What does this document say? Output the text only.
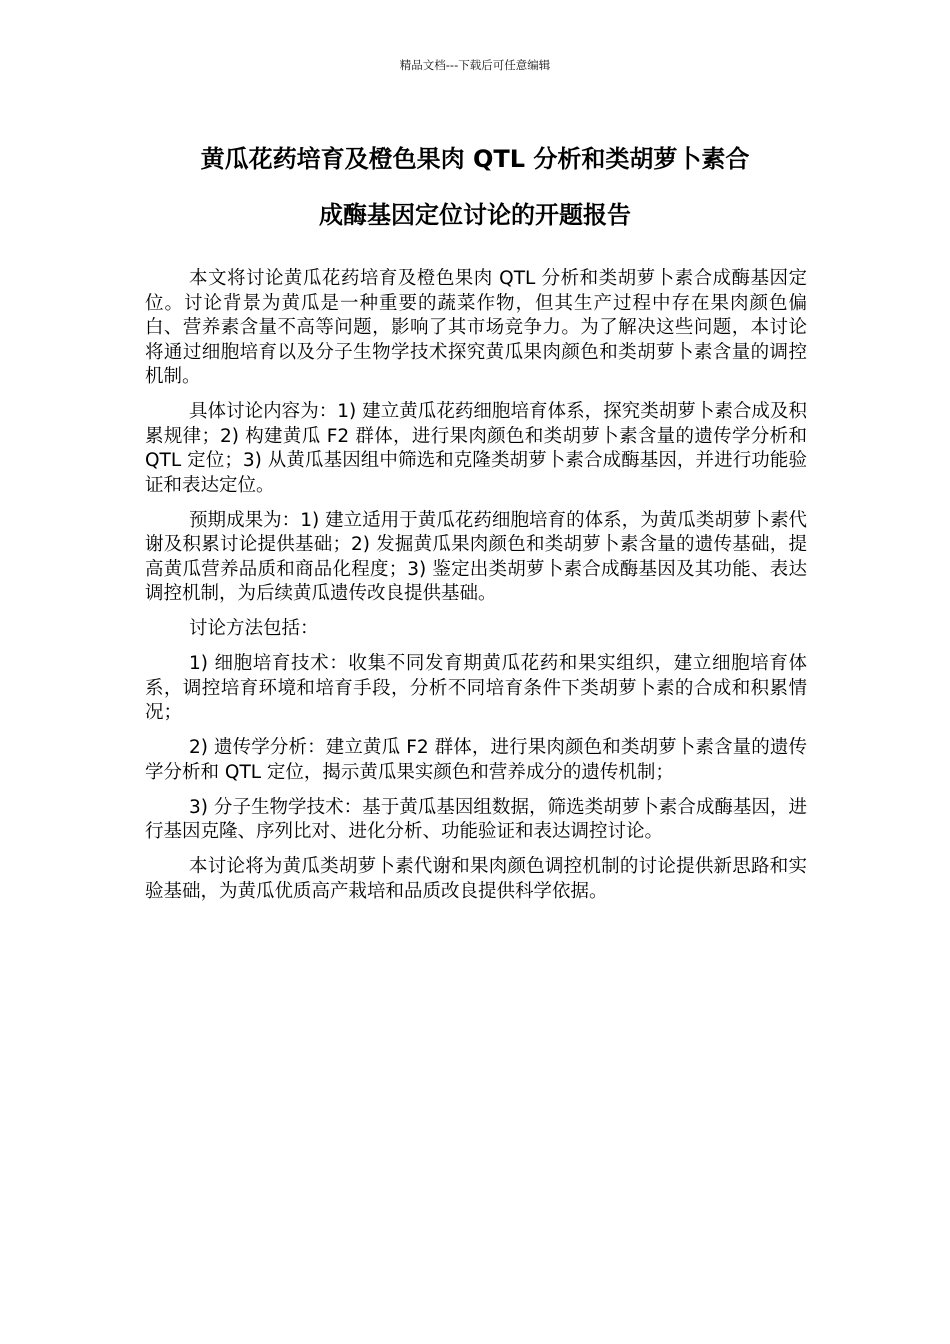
精品文档---下载后可任意编辑
黄瓜花药培育及橙色果肉 QTL 分析和类胡萝卜素合
成酶基因定位讨论的开题报告

本文将讨论黄瓜花药培育及橙色果肉 QTL 分析和类胡萝卜素合成酶基因定位。讨论背景为黄瓜是一种重要的蔬菜作物，但其生产过程中存在果肉颜色偏白、营养素含量不高等问题，影响了其市场竞争力。为了解决这些问题，本讨论将通过细胞培育以及分子生物学技术探究黄瓜果肉颜色和类胡萝卜素含量的调控机制。

具体讨论内容为：1) 建立黄瓜花药细胞培育体系，探究类胡萝卜素合成及积累规律；2) 构建黄瓜 F2 群体，进行果肉颜色和类胡萝卜素含量的遗传学分析和 QTL 定位；3) 从黄瓜基因组中筛选和克隆类胡萝卜素合成酶基因，并进行功能验证和表达定位。

预期成果为：1) 建立适用于黄瓜花药细胞培育的体系，为黄瓜类胡萝卜素代谢及积累讨论提供基础；2) 发掘黄瓜果肉颜色和类胡萝卜素含量的遗传基础，提高黄瓜营养品质和商品化程度；3) 鉴定出类胡萝卜素合成酶基因及其功能、表达调控机制，为后续黄瓜遗传改良提供基础。

讨论方法包括：

1) 细胞培育技术：收集不同发育期黄瓜花药和果实组织，建立细胞培育体系，调控培育环境和培育手段，分析不同培育条件下类胡萝卜素的合成和积累情况；

2) 遗传学分析：建立黄瓜 F2 群体，进行果肉颜色和类胡萝卜素含量的遗传学分析和 QTL 定位，揭示黄瓜果实颜色和营养成分的遗传机制；

3) 分子生物学技术：基于黄瓜基因组数据，筛选类胡萝卜素合成酶基因，进行基因克隆、序列比对、进化分析、功能验证和表达调控讨论。

本讨论将为黄瓜类胡萝卜素代谢和果肉颜色调控机制的讨论提供新思路和实验基础，为黄瓜优质高产栽培和品质改良提供科学依据。
